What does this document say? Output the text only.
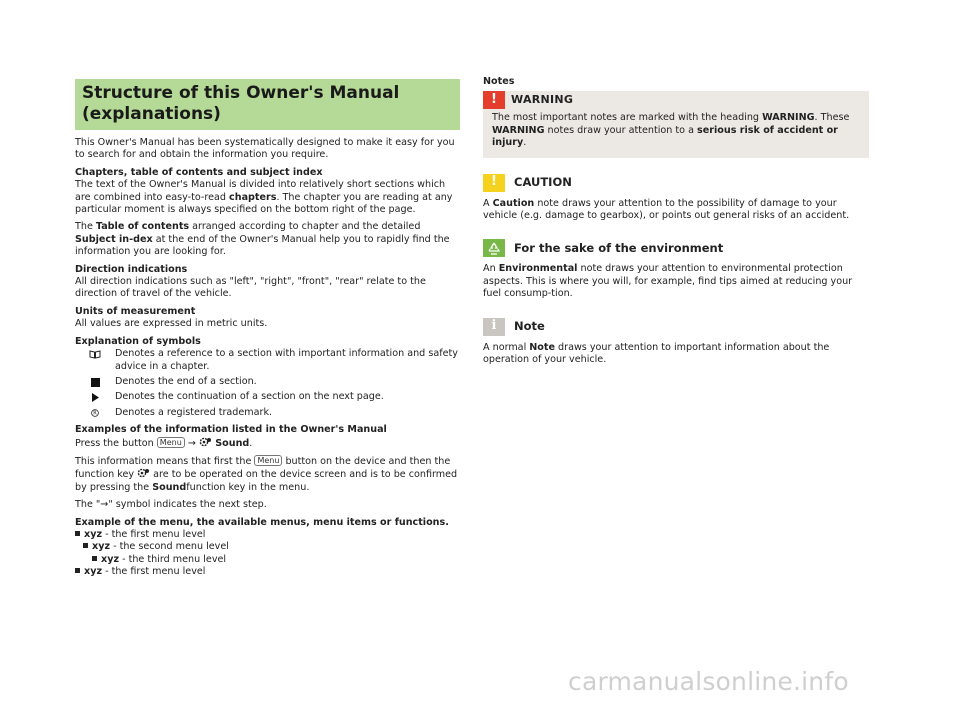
Structure of this Owner's Manual
(explanations)

This Owner's Manual has been systematically designed to make it easy for you to search for and obtain the information you require.

Chapters, table of contents and subject index
The text of the Owner's Manual is divided into relatively short sections which are combined into easy-to-read chapters. The chapter you are reading at any particular moment is always specified on the bottom right of the page.

The Table of contents arranged according to chapter and the detailed Subject in-dex at the end of the Owner's Manual help you to rapidly find the information you are looking for.

Direction indications
All direction indications such as "left", "right", "front", "rear" relate to the direction of travel of the vehicle.
Units of measurement
All values are expressed in metric units.
Explanation of symbols
Denotes a reference to a section with important information and safety advice in a chapter.
Denotes the end of a section.
Denotes the continuation of a section on the next page.
R Denotes a registered trademark.
Examples of the information listed in the Owner's Manual
Press the button Menu →  Sound.

This information means that first the Menu button on the device and then the function key  are to be operated on the device screen and is to be confirmed by pressing the Soundfunction key in the menu.

The "→" symbol indicates the next step.

Example of the menu, the available menus, menu items or functions.
xyz - the first menu level
xyz - the second menu level
xyz - the third menu level
xyz - the first menu level
Notes
!	WARNING
The most important notes are marked with the heading WARNING. These WARNING notes draw your attention to a serious risk of accident or injury.
!	CAUTION

A Caution note draws your attention to the possibility of damage to your vehicle (e.g. damage to gearbox), or points out general risks of an accident.

For the sake of the environment

An Environmental note draws your attention to environmental protection aspects. This is where you will, for example, find tips aimed at reducing your fuel consump-tion.

i	Note

A normal Note draws your attention to important information about the operation of your vehicle.

carmanualsonline.info
